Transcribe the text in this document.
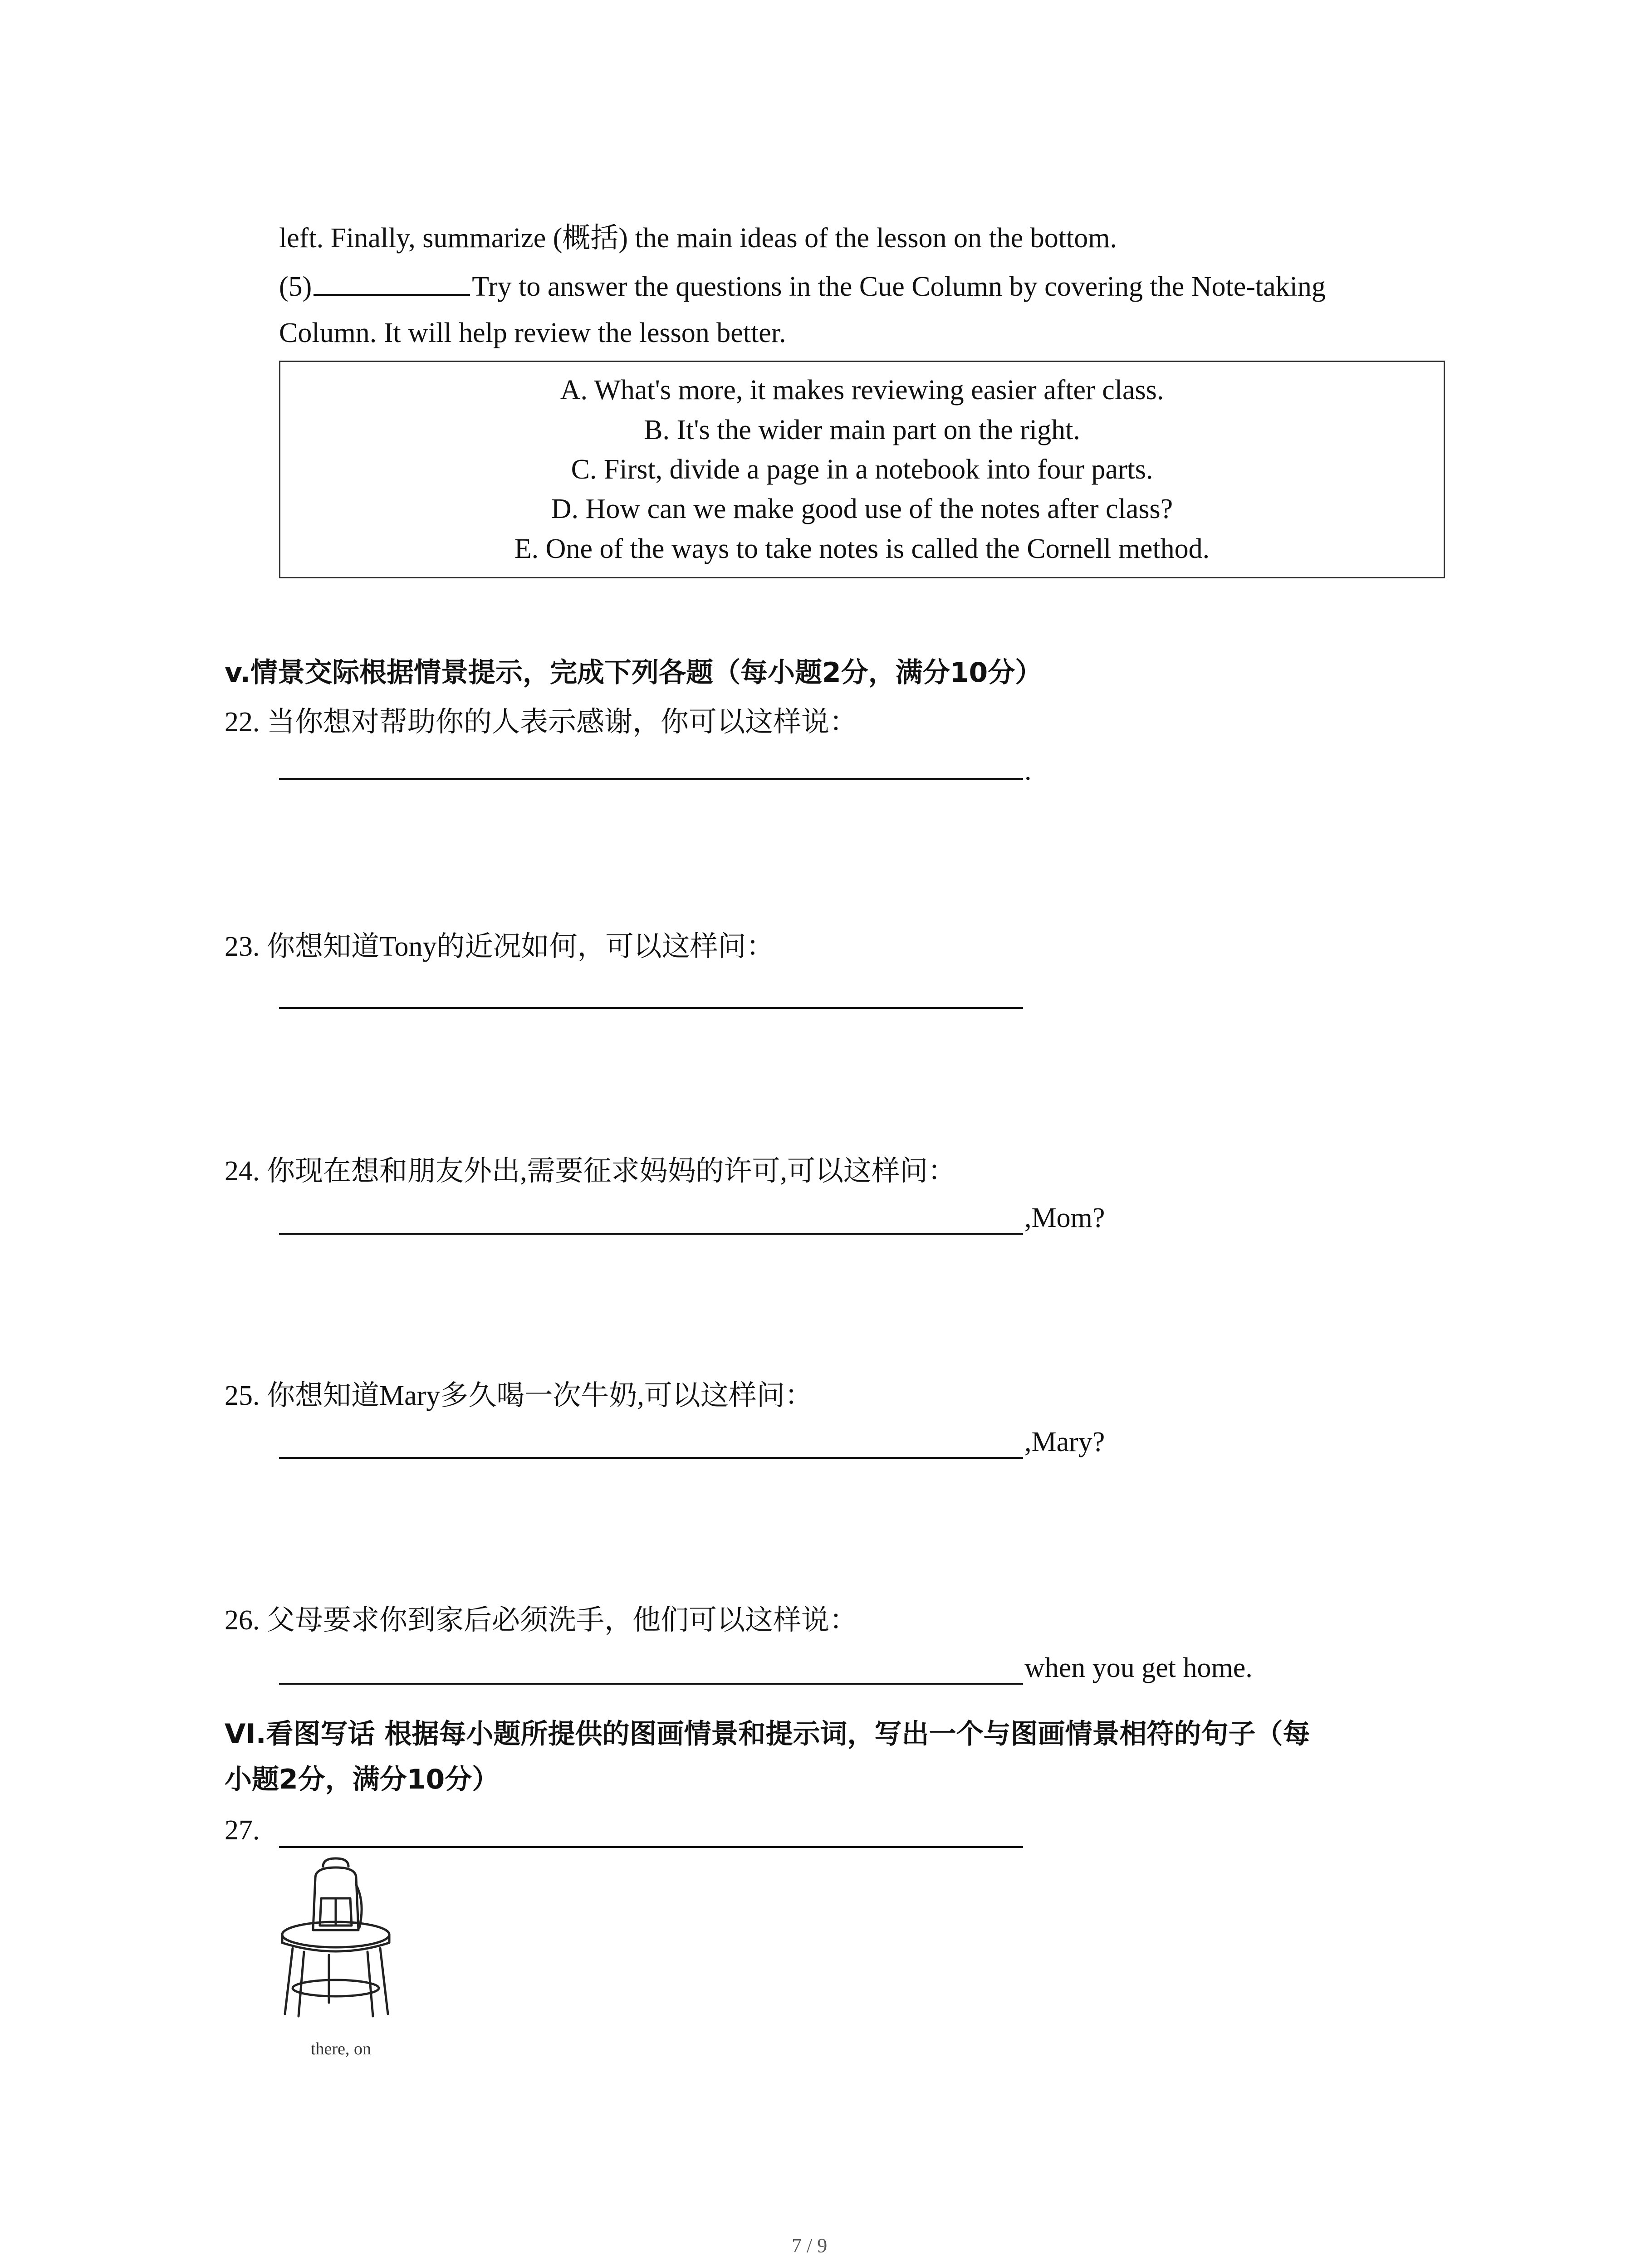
left. Finally, summarize (概括) the main ideas of the lesson on the bottom.
(5)	Try to answer the questions in the Cue Column by covering the Note-taking
Column. It will help review the lesson better.
A. What's more, it makes reviewing easier after class.
B. It's the wider main part on the right.
C. First, divide a page in a notebook into four parts.
D. How can we make good use of the notes after class?
E. One of the ways to take notes is called the Cornell method.
v.情景交际根据情景提示，完成下列各题（每小题2分，满分10分）
22. 当你想对帮助你的人表示感谢，你可以这样说：
.
23. 你想知道Tony的近况如何，可以这样问：
24. 你现在想和朋友外出,需要征求妈妈的许可,可以这样问：
,Mom?
25. 你想知道Mary多久喝一次牛奶,可以这样问：
,Mary?
26. 父母要求你到家后必须洗手，他们可以这样说：
when you get home.
VI.看图写话 根据每小题所提供的图画情景和提示词，写出一个与图画情景相符的句子（每
小题2分，满分10分）
27.
there, on
7 / 9
